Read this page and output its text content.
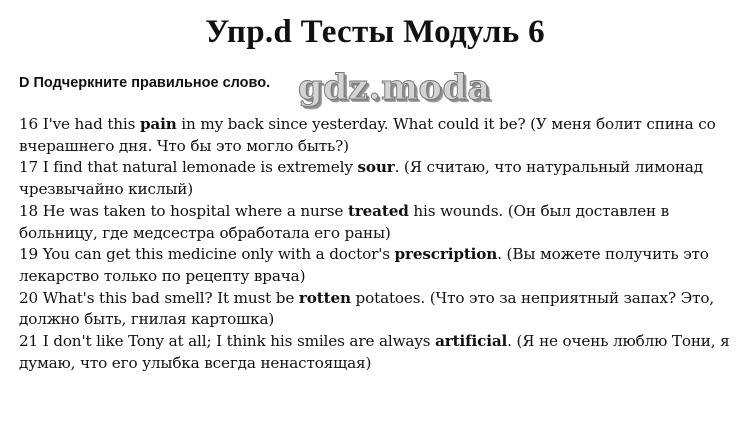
Упр.d Тесты Модуль 6
D Подчеркните правильное слово. gdz.moda

16 I've had this pain in my back since yesterday. What could it be? (У меня болит спина со вчерашнего дня. Что бы это могло быть?)

17 I find that natural lemonade is extremely sour. (Я считаю, что натуральный лимонад чрезвычайно кислый)

18 He was taken to hospital where a nurse treated his wounds. (Он был доставлен в больницу, где медсестра обработала его раны)

19 You can get this medicine only with a doctor's prescription. (Вы можете получить это лекарство только по рецепту врача)

20 What's this bad smell? It must be rotten potatoes. (Что это за неприятный запах? Это, должно быть, гнилая картошка)

21 I don't like Tony at all; I think his smiles are always artificial. (Я не очень люблю Тони, я думаю, что его улыбка всегда ненастоящая)
